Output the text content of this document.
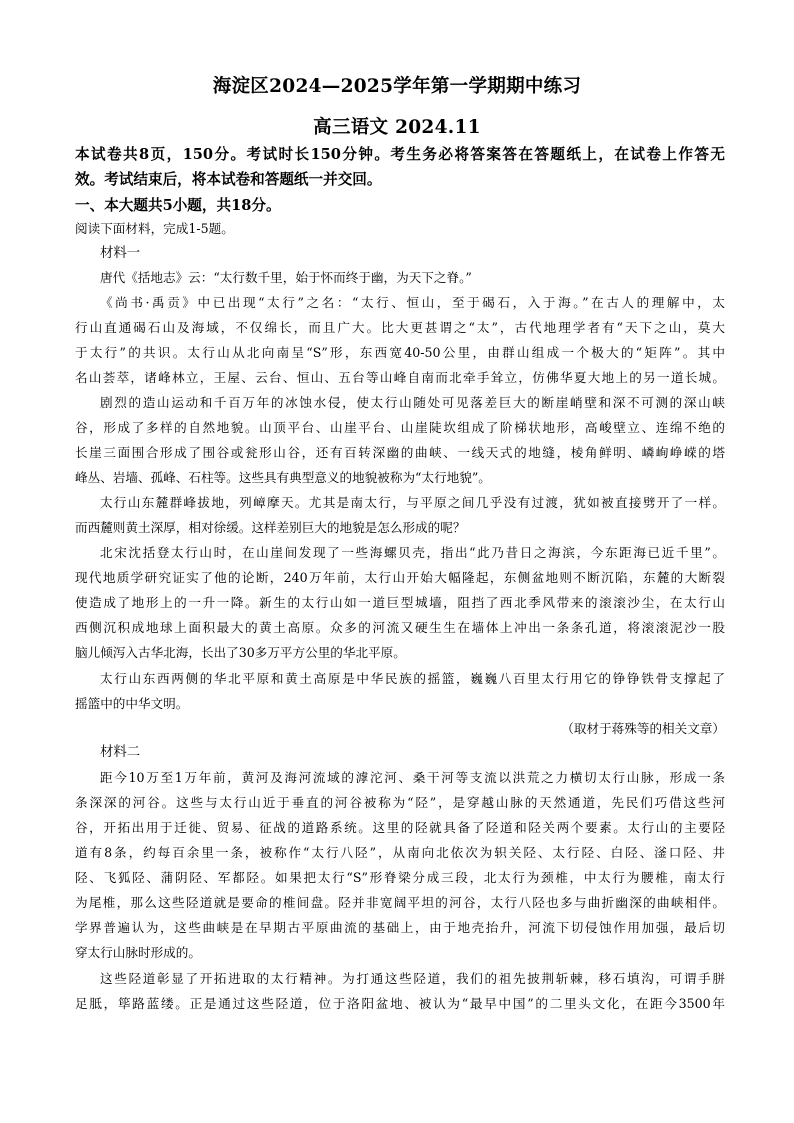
海淀区2024—2025学年第一学期期中练习
高三语文 2024.11
本试卷共8页，150分。考试时长150分钟。考生务必将答案答在答题纸上，在试卷上作答无
效。考试结束后，将本试卷和答题纸一并交回。
一、本大题共5小题，共18分。
阅读下面材料，完成1-5题。
材料一
唐代《括地志》云：“太行数千里，始于怀而终于幽，为天下之脊。”
《尚书·禹贡》中已出现“太行”之名：“太行、恒山，至于碣石，入于海。”在古人的理解中，太
行山直通碣石山及海域，不仅绵长，而且广大。比大更甚谓之“太”，古代地理学者有“天下之山，莫大
于太行”的共识。太行山从北向南呈“S”形，东西宽40-50公里，由群山组成一个极大的“矩阵”。其中
名山荟萃，诸峰林立，王屋、云台、恒山、五台等山峰自南而北牵手耸立，仿佛华夏大地上的另一道长城。
剧烈的造山运动和千百万年的冰蚀水侵，使太行山随处可见落差巨大的断崖峭壁和深不可测的深山峡
谷，形成了多样的自然地貌。山顶平台、山崖平台、山崖陡坎组成了阶梯状地形，高峻壁立、连绵不绝的
长崖三面围合形成了围谷或瓮形山谷，还有百转深幽的曲峡、一线天式的地缝，棱角鲜明、嶙峋峥嵘的塔
峰丛、岩墙、孤峰、石柱等。这些具有典型意义的地貌被称为“太行地貌”。
太行山东麓群峰拔地，列嶂摩天。尤其是南太行，与平原之间几乎没有过渡，犹如被直接劈开了一样。
而西麓则黄土深厚，相对徐缓。这样差别巨大的地貌是怎么形成的呢？
北宋沈括登太行山时，在山崖间发现了一些海螺贝壳，指出“此乃昔日之海滨，今东距海已近千里”。
现代地质学研究证实了他的论断，240万年前，太行山开始大幅隆起，东侧盆地则不断沉陷，东麓的大断裂
使造成了地形上的一升一降。新生的太行山如一道巨型城墙，阻挡了西北季风带来的滚滚沙尘，在太行山
西侧沉积成地球上面积最大的黄土高原。众多的河流又硬生生在墙体上冲出一条条孔道，将滚滚泥沙一股
脑儿倾泻入古华北海，长出了30多万平方公里的华北平原。
太行山东西两侧的华北平原和黄土高原是中华民族的摇篮，巍巍八百里太行用它的铮铮铁骨支撑起了
摇篮中的中华文明。
（取材于蒋殊等的相关文章）
材料二
距今10万至1万年前，黄河及海河流域的滹沱河、桑干河等支流以洪荒之力横切太行山脉，形成一条
条深深的河谷。这些与太行山近于垂直的河谷被称为“陉”，是穿越山脉的天然通道，先民们巧借这些河
谷，开拓出用于迁徙、贸易、征战的道路系统。这里的陉就具备了陉道和陉关两个要素。太行山的主要陉
道有8条，约每百余里一条，被称作“太行八陉”，从南向北依次为轵关陉、太行陉、白陉、滏口陉、井
陉、飞狐陉、蒲阴陉、军都陉。如果把太行“S”形脊梁分成三段，北太行为颈椎，中太行为腰椎，南太行
为尾椎，那么这些陉道就是要命的椎间盘。陉并非宽阔平坦的河谷，太行八陉也多与曲折幽深的曲峡相伴。
学界普遍认为，这些曲峡是在早期古平原曲流的基础上，由于地壳抬升，河流下切侵蚀作用加强，最后切
穿太行山脉时形成的。
这些陉道彰显了开拓进取的太行精神。为打通这些陉道，我们的祖先披荆斩棘，移石填沟，可谓手胼
足胝，筚路蓝缕。正是通过这些陉道，位于洛阳盆地、被认为“最早中国”的二里头文化，在距今3500年
